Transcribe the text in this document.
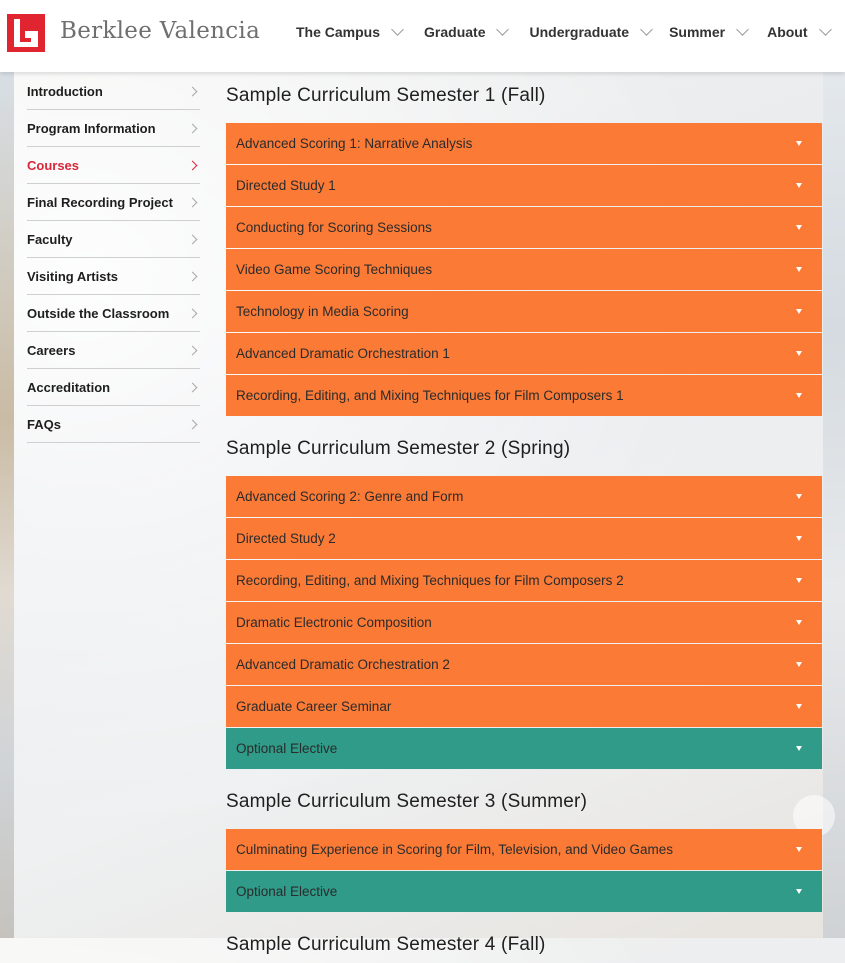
Berklee Valencia	The Campus	Graduate	Undergraduate	Summer	About
Introduction
Program Information
Courses
Final Recording Project
Faculty
Visiting Artists
Outside the Classroom
Careers
Accreditation
FAQs
Sample Curriculum Semester 1 (Fall)
Advanced Scoring 1: Narrative Analysis
Directed Study 1
Conducting for Scoring Sessions
Video Game Scoring Techniques
Technology in Media Scoring
Advanced Dramatic Orchestration 1
Recording, Editing, and Mixing Techniques for Film Composers 1
Sample Curriculum Semester 2 (Spring)
Advanced Scoring 2: Genre and Form
Directed Study 2
Recording, Editing, and Mixing Techniques for Film Composers 2
Dramatic Electronic Composition
Advanced Dramatic Orchestration 2
Graduate Career Seminar
Optional Elective
Sample Curriculum Semester 3 (Summer)
Culminating Experience in Scoring for Film, Television, and Video Games
Optional Elective
Sample Curriculum Semester 4 (Fall)
